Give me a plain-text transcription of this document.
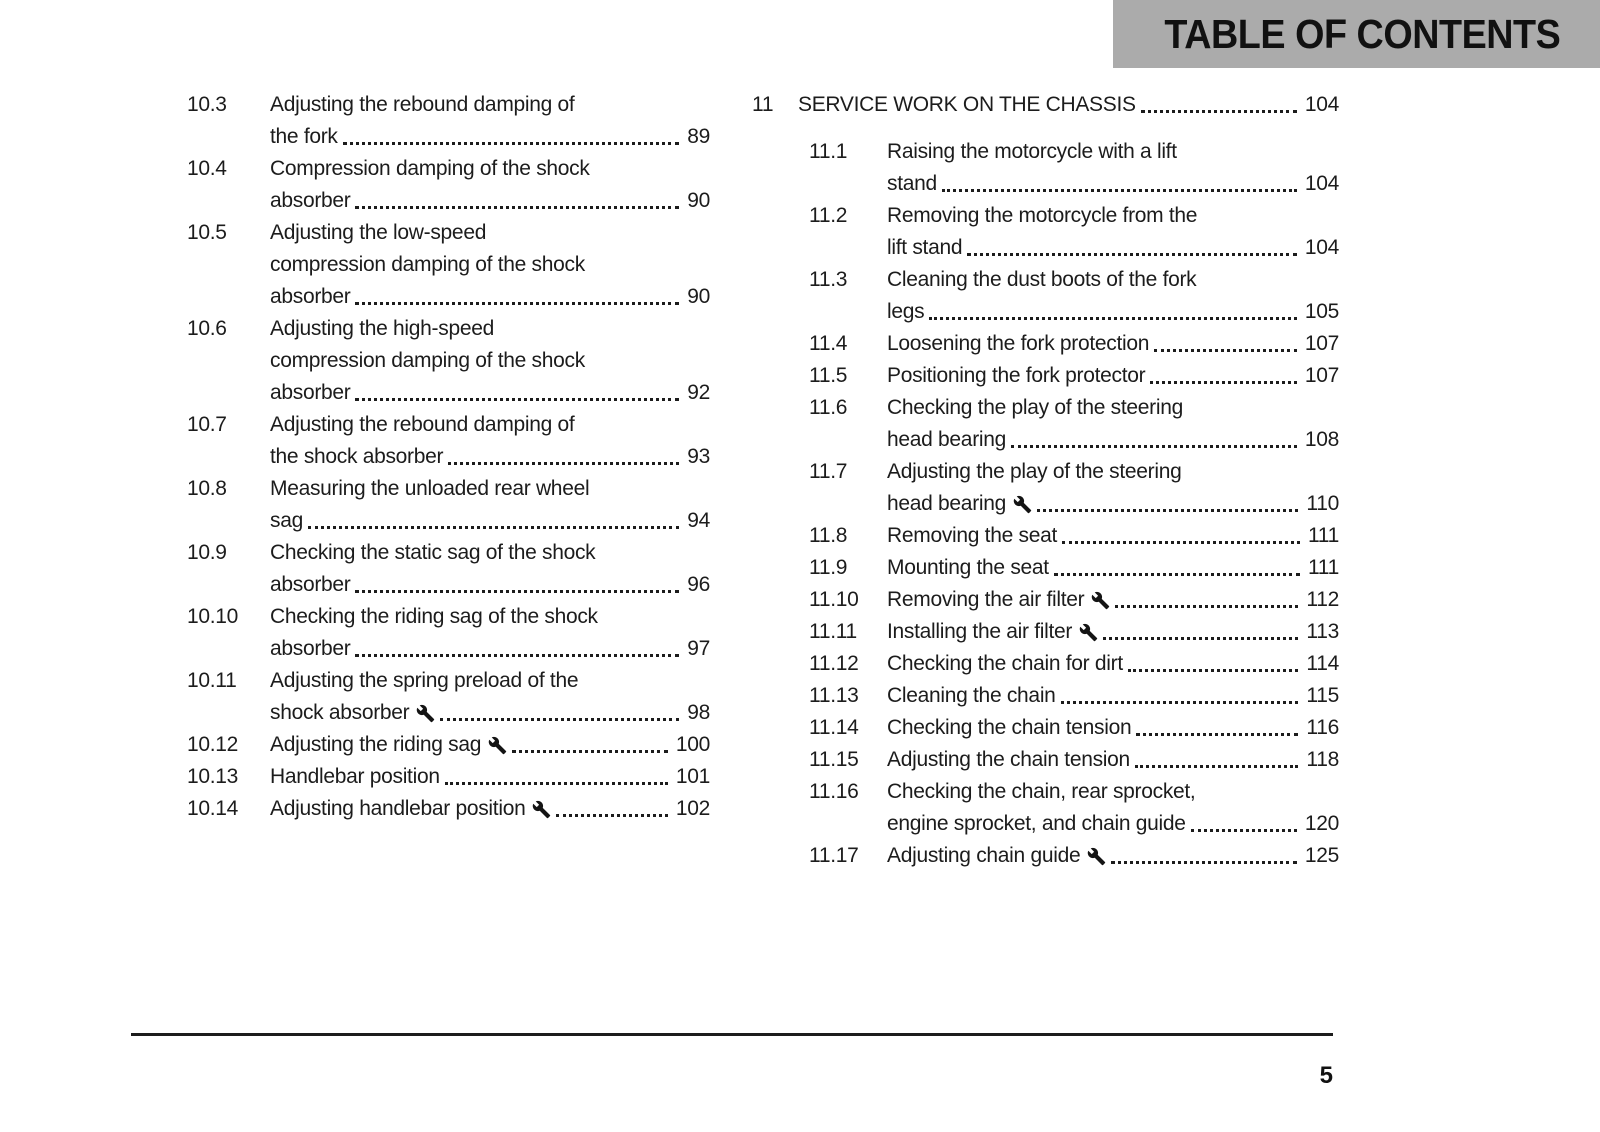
TABLE OF CONTENTS
10.3	Adjusting the rebound damping of
the fork	89
10.4	Compression damping of the shock
absorber	90
10.5	Adjusting the low-speed
compression damping of the shock
absorber	90
10.6	Adjusting the high-speed
compression damping of the shock
absorber	92
10.7	Adjusting the rebound damping of
the shock absorber	93
10.8	Measuring the unloaded rear wheel
sag	94
10.9	Checking the static sag of the shock
absorber	96
10.10	Checking the riding sag of the shock
absorber	97
10.11	Adjusting the spring preload of the
shock absorber	98
10.12	Adjusting the riding sag	100
10.13	Handlebar position	101
10.14	Adjusting handlebar position	102
11	SERVICE WORK ON THE CHASSIS	104
11.1	Raising the motorcycle with a lift
stand	104
11.2	Removing the motorcycle from the
lift stand	104
11.3	Cleaning the dust boots of the fork
legs	105
11.4	Loosening the fork protection	107
11.5	Positioning the fork protector	107
11.6	Checking the play of the steering
head bearing	108
11.7	Adjusting the play of the steering
head bearing	110
11.8	Removing the seat	111
11.9	Mounting the seat	111
11.10	Removing the air filter	112
11.11	Installing the air filter	113
11.12	Checking the chain for dirt	114
11.13	Cleaning the chain	115
11.14	Checking the chain tension	116
11.15	Adjusting the chain tension	118
11.16	Checking the chain, rear sprocket,
engine sprocket, and chain guide	120
11.17	Adjusting chain guide	125
5
